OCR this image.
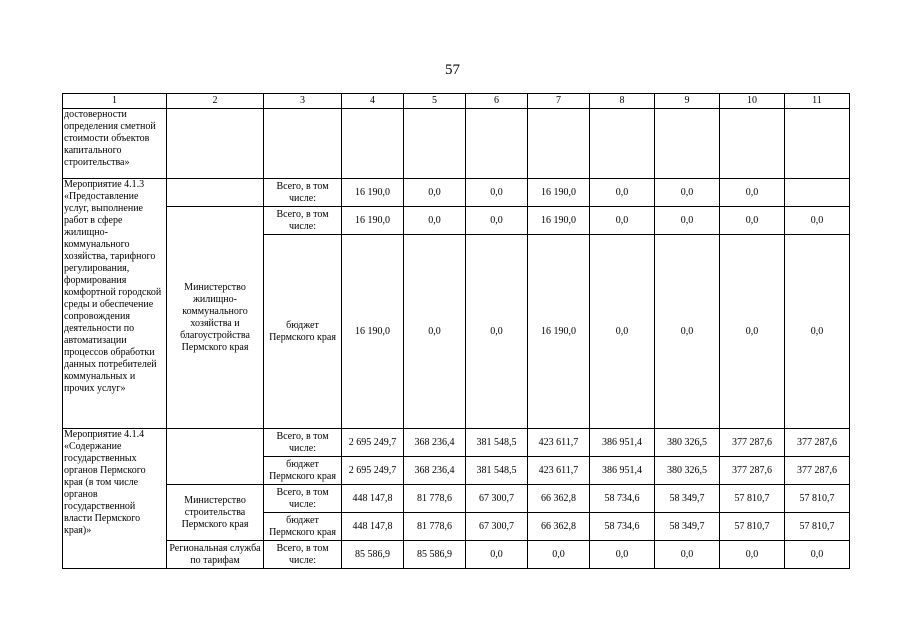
57
1	2	3	4	5	6	7	8	9	10	11
достоверности определения сметной стоимости объектов капитального строительства»										
Мероприятие 4.1.3 «Предоставление услуг, выполнение работ в сфере жилищно-коммунального хозяйства, тарифного регулирования, формирования комфортной городской среды и обеспечение сопровождения деятельности по автоматизации процессов обработки данных потребителей коммунальных и прочих услуг»		Всего, в том числе:	16 190,0	0,0	0,0	16 190,0	0,0	0,0	0,0	
	Министерство жилищно-коммунального хозяйства и благоустройства Пермского края	Всего, в том числе:	16 190,0	0,0	0,0	16 190,0	0,0	0,0	0,0	0,0
		бюджет Пермского края	16 190,0	0,0	0,0	16 190,0	0,0	0,0	0,0	0,0
Мероприятие 4.1.4 «Содержание государственных органов Пермского края (в том числе органов государственной власти Пермского края)»		Всего, в том числе:	2 695 249,7	368 236,4	381 548,5	423 611,7	386 951,4	380 326,5	377 287,6	377 287,6
		бюджет Пермского края	2 695 249,7	368 236,4	381 548,5	423 611,7	386 951,4	380 326,5	377 287,6	377 287,6
	Министерство строительства Пермского края	Всего, в том числе:	448 147,8	81 778,6	67 300,7	66 362,8	58 734,6	58 349,7	57 810,7	57 810,7
		бюджет Пермского края	448 147,8	81 778,6	67 300,7	66 362,8	58 734,6	58 349,7	57 810,7	57 810,7
	Региональная служба по тарифам	Всего, в том числе:	85 586,9	85 586,9	0,0	0,0	0,0	0,0	0,0	0,0
